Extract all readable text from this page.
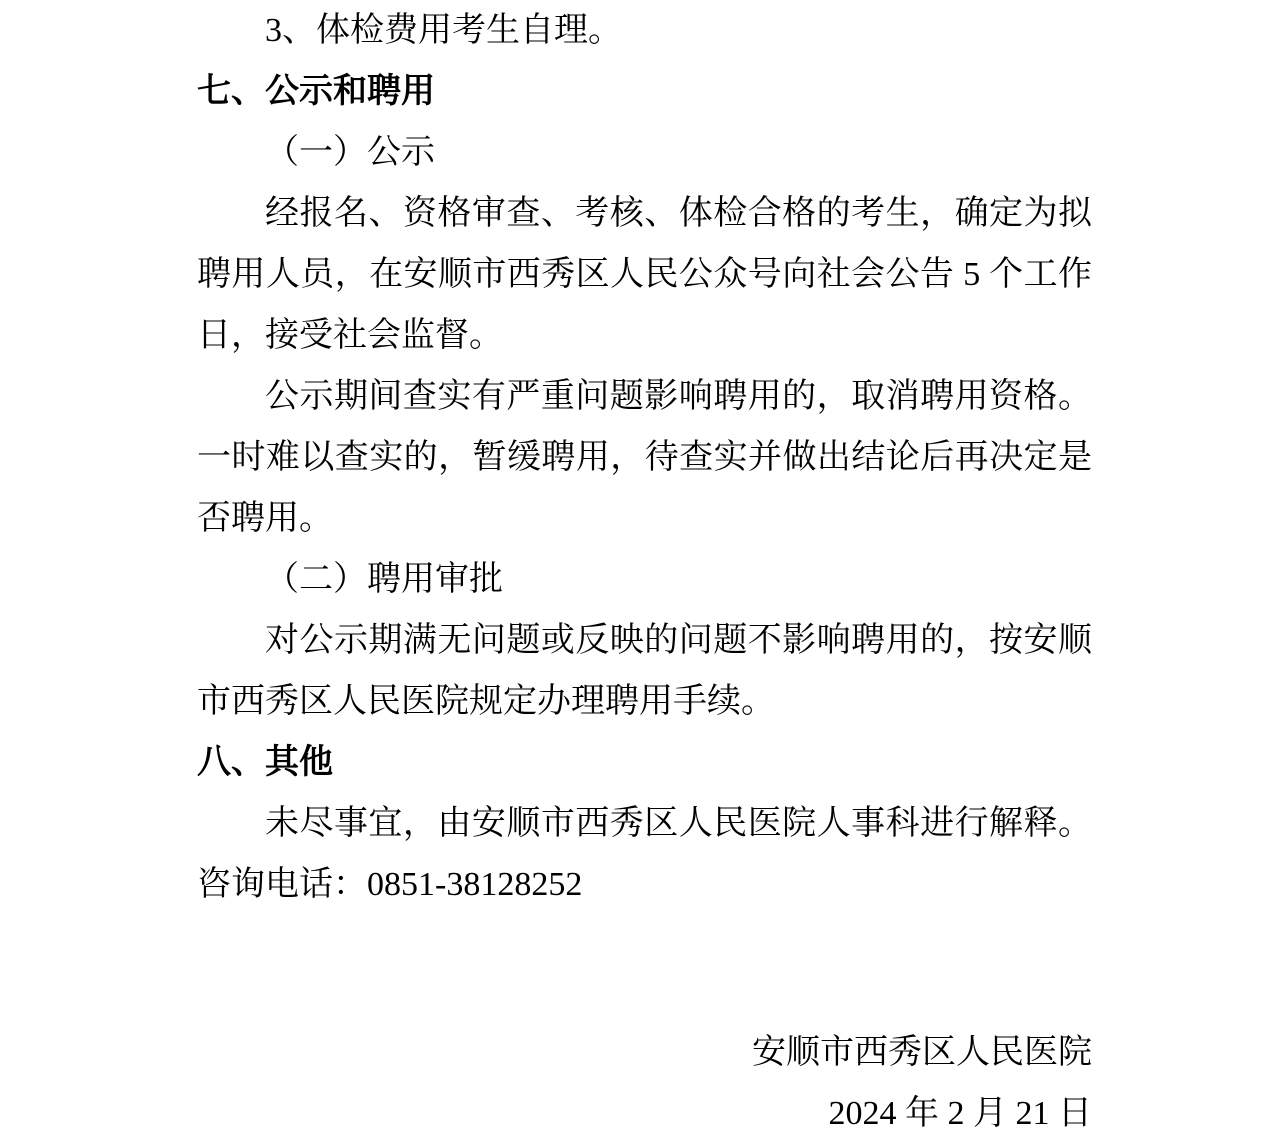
3、体检费用考生自理。

七、公示和聘用

（一）公示

经报名、资格审查、考核、体检合格的考生，确定为拟聘用人员，在安顺市西秀区人民公众号向社会公告 5 个工作日，接受社会监督。

公示期间查实有严重问题影响聘用的，取消聘用资格。一时难以查实的，暂缓聘用，待查实并做出结论后再决定是否聘用。

（二）聘用审批

对公示期满无问题或反映的问题不影响聘用的，按安顺市西秀区人民医院规定办理聘用手续。

八、其他

未尽事宜，由安顺市西秀区人民医院人事科进行解释。咨询电话：0851-38128252

安顺市西秀区人民医院

2024 年 2 月 21 日
